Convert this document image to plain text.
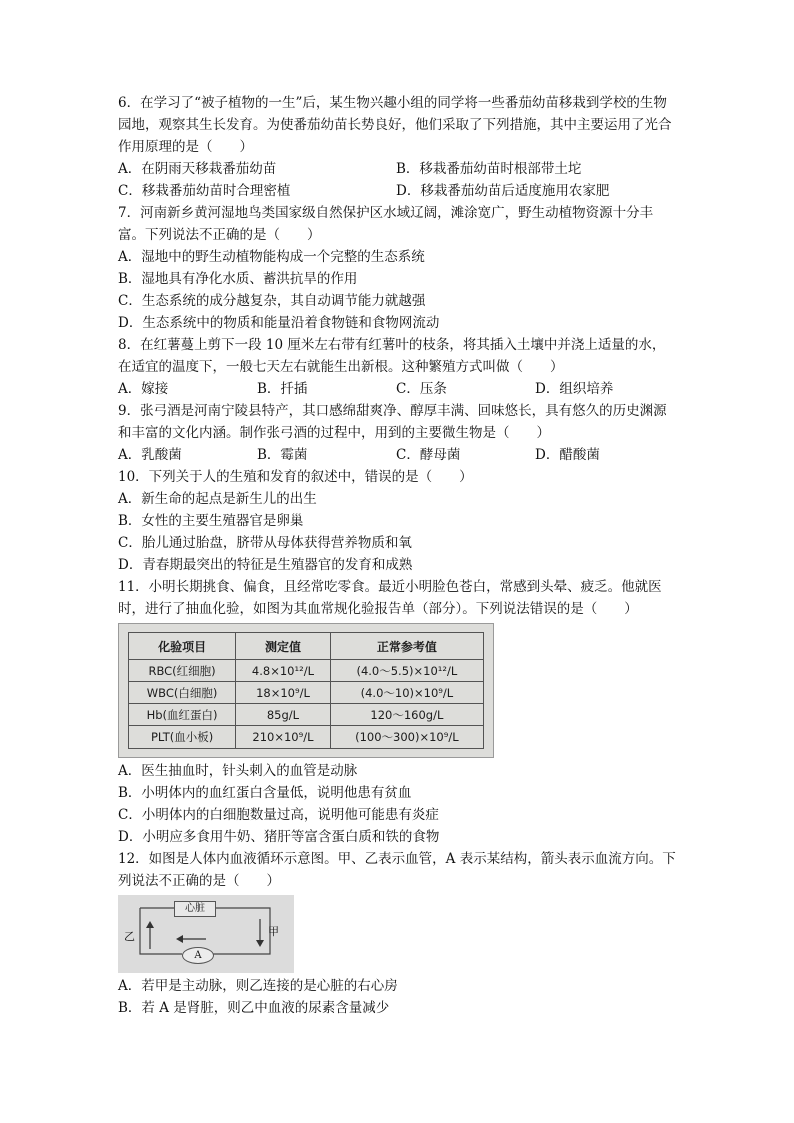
6．在学习了“被子植物的一生”后，某生物兴趣小组的同学将一些番茄幼苗移栽到学校的生物园地，观察其生长发育。为使番茄幼苗长势良好，他们采取了下列措施，其中主要运用了光合作用原理的是（　　）
A．在阴雨天移栽番茄幼苗	B．移栽番茄幼苗时根部带土坨
C．移栽番茄幼苗时合理密植	D．移栽番茄幼苗后适度施用农家肥
7．河南新乡黄河湿地鸟类国家级自然保护区水域辽阔，滩涂宽广，野生动植物资源十分丰富。下列说法不正确的是（　　）
A．湿地中的野生动植物能构成一个完整的生态系统
B．湿地具有净化水质、蓄洪抗旱的作用
C．生态系统的成分越复杂，其自动调节能力就越强
D．生态系统中的物质和能量沿着食物链和食物网流动
8．在红薯蔓上剪下一段 10 厘米左右带有红薯叶的枝条，将其插入土壤中并浇上适量的水，在适宜的温度下，一般七天左右就能生出新根。这种繁殖方式叫做（　　）
A．嫁接	B．扦插	C．压条	D．组织培养
9．张弓酒是河南宁陵县特产，其口感绵甜爽净、醇厚丰满、回味悠长，具有悠久的历史渊源和丰富的文化内涵。制作张弓酒的过程中，用到的主要微生物是（　　）
A．乳酸菌	B．霉菌	C．酵母菌	D．醋酸菌
10．下列关于人的生殖和发育的叙述中，错误的是（　　）
A．新生命的起点是新生儿的出生
B．女性的主要生殖器官是卵巢
C．胎儿通过胎盘，脐带从母体获得营养物质和氧
D．青春期最突出的特征是生殖器官的发育和成熟
11．小明长期挑食、偏食，且经常吃零食。最近小明脸色苍白，常感到头晕、疲乏。他就医时，进行了抽血化验，如图为其血常规化验报告单（部分）。下列说法错误的是（　　）
化验项目	测定值	正常参考值
RBC(红细胞)	4.8×10¹²/L	(4.0～5.5)×10¹²/L
WBC(白细胞)	18×10⁹/L	(4.0～10)×10⁹/L
Hb(血红蛋白)	85g/L	120～160g/L
PLT(血小板)	210×10⁹/L	(100～300)×10⁹/L
A．医生抽血时，针头刺入的血管是动脉
B．小明体内的血红蛋白含量低，说明他患有贫血
C．小明体内的白细胞数量过高，说明他可能患有炎症
D．小明应多食用牛奶、猪肝等富含蛋白质和铁的食物
12．如图是人体内血液循环示意图。甲、乙表示血管，A 表示某结构，箭头表示血流方向。下列说法不正确的是（　　）
心脏
乙	甲
A
A．若甲是主动脉，则乙连接的是心脏的右心房
B．若 A 是肾脏，则乙中血液的尿素含量减少
